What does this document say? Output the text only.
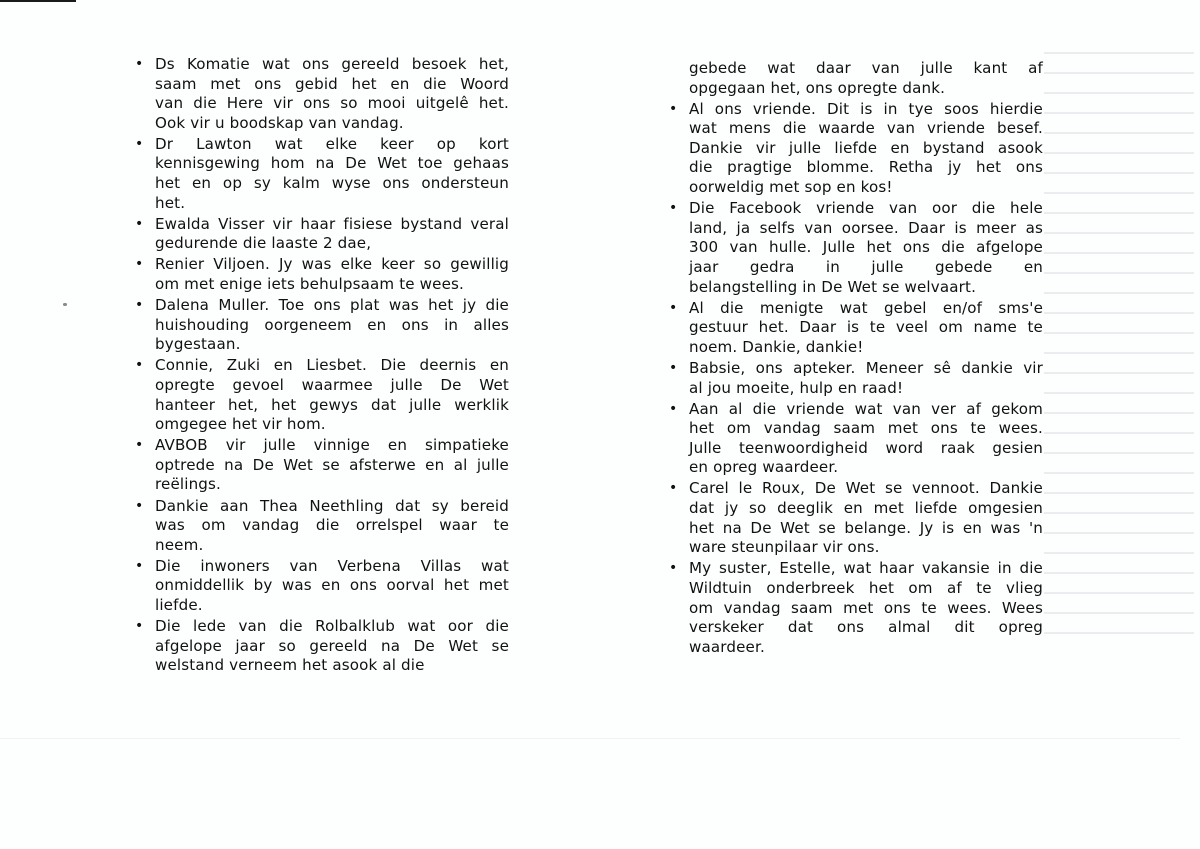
• Ds Komatie wat ons gereeld besoek het,
saam met ons gebid het en die Woord
van die Here vir ons so mooi uitgelê het.
Ook vir u boodskap van vandag.
• Dr Lawton wat elke keer op kort
kennisgewing hom na De Wet toe gehaas
het en op sy kalm wyse ons ondersteun
het.
• Ewalda Visser vir haar fisiese bystand veral
gedurende die laaste 2 dae,
• Renier Viljoen. Jy was elke keer so gewillig
om met enige iets behulpsaam te wees.
• Dalena Muller. Toe ons plat was het jy die
huishouding oorgeneem en ons in alles
bygestaan.
• Connie, Zuki en Liesbet. Die deernis en
opregte gevoel waarmee julle De Wet
hanteer het, het gewys dat julle werklik
omgegee het vir hom.
• AVBOB vir julle vinnige en simpatieke
optrede na De Wet se afsterwe en al julle
reëlings.
• Dankie aan Thea Neethling dat sy bereid
was om vandag die orrelspel waar te
neem.
• Die inwoners van Verbena Villas wat
onmiddellik by was en ons oorval het met
liefde.
• Die lede van die Rolbalklub wat oor die
afgelope jaar so gereeld na De Wet se
welstand verneem het asook al die
gebede wat daar van julle kant af
opgegaan het, ons opregte dank.
• Al ons vriende. Dit is in tye soos hierdie
wat mens die waarde van vriende besef.
Dankie vir julle liefde en bystand asook
die pragtige blomme. Retha jy het ons
oorweldig met sop en kos!
• Die Facebook vriende van oor die hele
land, ja selfs van oorsee. Daar is meer as
300 van hulle. Julle het ons die afgelope
jaar gedra in julle gebede en
belangstelling in De Wet se welvaart.
• Al die menigte wat gebel en/of sms'e
gestuur het. Daar is te veel om name te
noem. Dankie, dankie!
• Babsie, ons apteker. Meneer sê dankie vir
al jou moeite, hulp en raad!
• Aan al die vriende wat van ver af gekom
het om vandag saam met ons te wees.
Julle teenwoordigheid word raak gesien
en opreg waardeer.
• Carel le Roux, De Wet se vennoot. Dankie
dat jy so deeglik en met liefde omgesien
het na De Wet se belange. Jy is en was 'n
ware steunpilaar vir ons.
• My suster, Estelle, wat haar vakansie in die
Wildtuin onderbreek het om af te vlieg
om vandag saam met ons te wees. Wees
verskeker dat ons almal dit opreg
waardeer.
